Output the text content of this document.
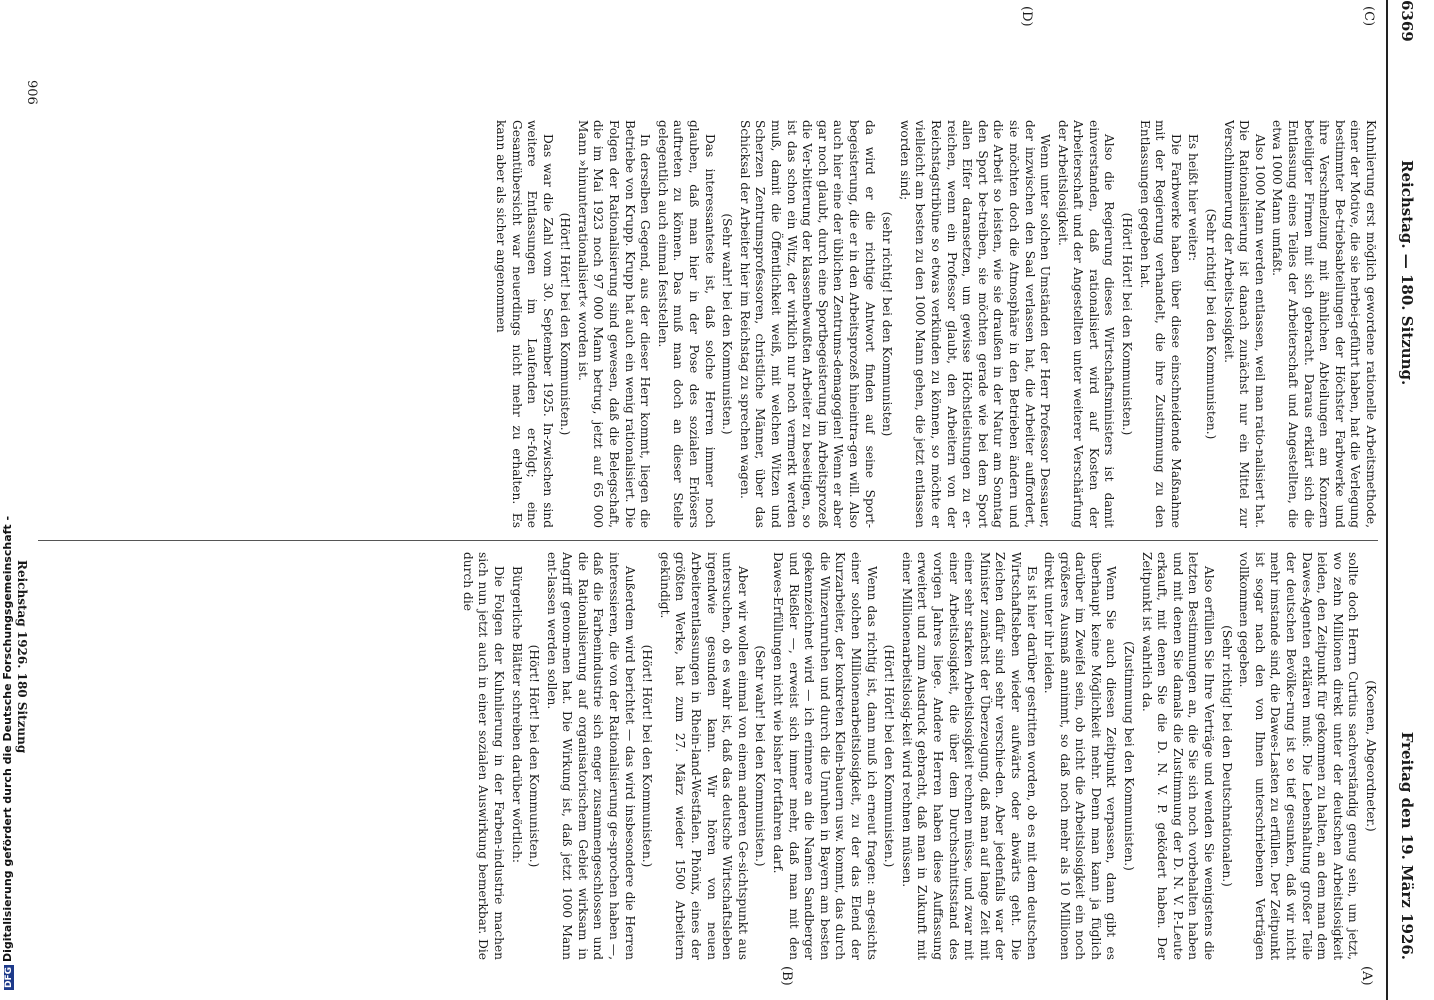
6369
Reichstag. — 180. Sitzung.
Freitag den 19. März 1926.
(C)
(D)
(A)
(B)

Kuhnlierung erst möglich gewordene rationelle Arbeitsmethode, einer der Motive, die sie herbei-geführt haben, hat die Verlegung bestimmter Be-triebsabteilungen der Höchster Farbwerke und ihre Verschmelzung mit ähnlichen Abteilungen am Konzern beteiligter Firmen mit sich gebracht. Daraus erklärt sich die Entlassung eines Teiles der Arbeiterschaft und Angestellten, die etwa 1000 Mann umfaßt.

Also 1000 Mann werden entlassen, weil man ratio-nalisiert hat. Die Rationalisierung ist danach zunächst nur ein Mittel zur Verschlimmerung der Arbeits-losigkeit.

(Sehr richtig! bei den Kommunisten.)

Es heißt hier weiter:

Die Farbwerke haben über diese einschneidende Maßnahme mit der Regierung verhandelt, die ihre Zustimmung zu den Entlassungen gegeben hat.

(Hört! Hört! bei den Kommunisten.)

Also die Regierung dieses Wirtschaftsministers ist damit einverstanden, daß rationalisiert wird auf Kosten der Arbeiterschaft und der Angestellten unter weiterer Verschärfung der Arbeitslosigkeit.

Wenn unter solchen Umständen der Herr Professor Dessauer, der inzwischen den Saal verlassen hat, die Arbeiter auffordert, sie möchten doch die Atmosphäre in den Betrieben ändern und die Arbeit so leisten, wie sie draußen in der Natur am Sonntag den Sport be-treiben, sie möchten gerade wie bei dem Sport allen Eifer daransetzen, um gewisse Höchstleistungen zu er-reichen, wenn ein Professor glaubt, den Arbeitern von der Reichstagstribüne so etwas verkünden zu können, so möchte er vielleicht am besten zu den 1000 Mann gehen, die jetzt entlassen worden sind;

(sehr richtig! bei den Kommunisten)

da wird er die richtige Antwort finden auf seine Sport-begeisterung, die er in den Arbeitsprozeß hineintra-gen will. Also auch hier eine der üblichen Zentrums-demagogien! Wenn er aber gar noch glaubt, durch eine Sportbegeisterung im Arbeitsprozeß die Ver-bitterung der klassenbewußten Arbeiter zu beseitigen, so ist das schon ein Witz, der wirklich nur noch vermerkt werden muß, damit die Öffentlichkeit weiß, mit welchen Witzen und Scherzen Zentrumsprofessoren, christliche Männer, über das Schicksal der Arbeiter hier im Reichstag zu sprechen wagen.

(Sehr wahr! bei den Kommunisten.)

Das interessanteste ist, daß solche Herren immer noch glauben, daß man hier in der Pose des sozialen Erlösers auftreten zu können. Das muß man doch an dieser Stelle gelegentlich auch einmal feststellen.

In derselben Gegend, aus der dieser Herr kommt, liegen die Betriebe von Krupp. Krupp hat auch ein wenig rationalisiert. Die Folgen der Rationalisierung sind gewesen, daß die Belegschaft, die im Mai 1923 noch 97 000 Mann betrug, jetzt auf 65 000 Mann »hinunterrationalisiert« worden ist.

(Hört! Hört! bei den Kommunisten.)

Das war die Zahl vom 30. September 1925. In-zwischen sind weitere Entlassungen im Laufenden er-folgt; eine Gesamtübersicht war neuerdings nicht mehr zu erhalten. Es kann aber als sicher angenommen

(Koenen, Abgeordneter.)

sollte doch Herrn Curtius sachverständig genug sein, um jetzt, wo zehn Millionen direkt unter der deutschen Arbeitslosigkeit leiden, den Zeitpunkt für gekommen zu halten, an dem man dem Dawes-Agenten erklären muß: Die Lebenshaltung großer Teile der deutschen Bevölke-rung ist so tief gesunken, daß wir nicht mehr imstande sind, die Dawes-Lasten zu erfüllen. Der Zeitpunkt ist sogar nach den von Ihnen unterschriebenen Verträgen vollkommen gegeben.

(Sehr richtig! bei den Deutschnationalen.)

Also erfüllen Sie Ihre Verträge und wenden Sie wenigstens die letzten Bestimmungen an, die Sie sich noch vorbehalten haben und mit denen Sie damals die Zustimmung der D. N. V. P.-Leute erkauft, mit denen Sie die D. N. V. P. geködert haben. Der Zeitpunkt ist wahrlich da.

(Zustimmung bei den Kommunisten.)

Wenn Sie auch diesen Zeitpunkt verpassen, dann gibt es überhaupt keine Möglichkeit mehr. Denn man kann ja füglich darüber im Zweifel sein, ob nicht die Arbeitslosigkeit ein noch größeres Ausmaß annimmt, so daß noch mehr als 10 Millionen direkt unter ihr leiden.

Es ist hier darüber gestritten worden, ob es mit dem deutschen Wirtschaftsleben wieder aufwärts oder abwärts geht. Die Zeichen dafür sind sehr verschie-den. Aber jedenfalls war der Minister zunächst der Überzeugung, daß man auf lange Zeit mit einer sehr starken Arbeitslosigkeit rechnen müsse, und zwar mit einer Arbeitslosigkeit, die über dem Durchschnittsstand des vorigen Jahres liege. Andere Herren haben diese Auffassung erweitert und zum Ausdruck gebracht, daß man in Zukunft mit einer Millionenarbeitslosig-keit wird rechnen müssen.

(Hört! Hört! bei den Kommunisten.)

Wenn das richtig ist, dann muß ich erneut fragen: an-gesichts einer solchen Millionenarbeitslosigkeit, zu der das Elend der Kurzarbeiter, der konkreten Klein-bauern usw. kommt, das durch die Winzerunruhen und durch die Unruhen in Bayern am besten gekennzeichnet wird — ich erinnere an die Namen Sandberger und Rießler —, erweist sich immer mehr, daß man mit den Dawes-Erfüllungen nicht wie bisher fortfahren darf.

(Sehr wahr! bei den Kommunisten.)

Aber wir wollen einmal von einem anderen Ge-sichtspunkt aus untersuchen, ob es wahr ist, daß das deutsche Wirtschaftsleben irgendwie gesunden kann. Wir hören von neuen Arbeiterentlassungen in Rhein-land-Westfalen. Phönix, eines der größten Werke, hat zum 27. März wieder 1500 Arbeitern gekündigt.

(Hört! Hört! bei den Kommunisten.)

Außerdem wird berichtet — das wird insbesondere die Herren interessieren, die von der Rationalisierung ge-sprochen haben —, daß die Farbenindustrie sich enger zusammengeschlossen und die Rationalisierung auf organisatorischem Gebiet wirksam in Angriff genom-men hat. Die Wirkung ist, daß jetzt 1000 Mann ent-lassen werden sollen.

(Hört! Hört! bei den Kommunisten.)

Bürgerliche Blätter schreiben darüber wörtlich:

Die Folgen der Kuhnlierung in der Farben-industrie machen sich nun jetzt auch in einer sozialen Auswirkung bemerkbar. Die durch die

906
Reichstag 1926. 180 Sitzung
DFGDigitalisierung gefördert durch die Deutsche Forschungsgemeinschaft -
